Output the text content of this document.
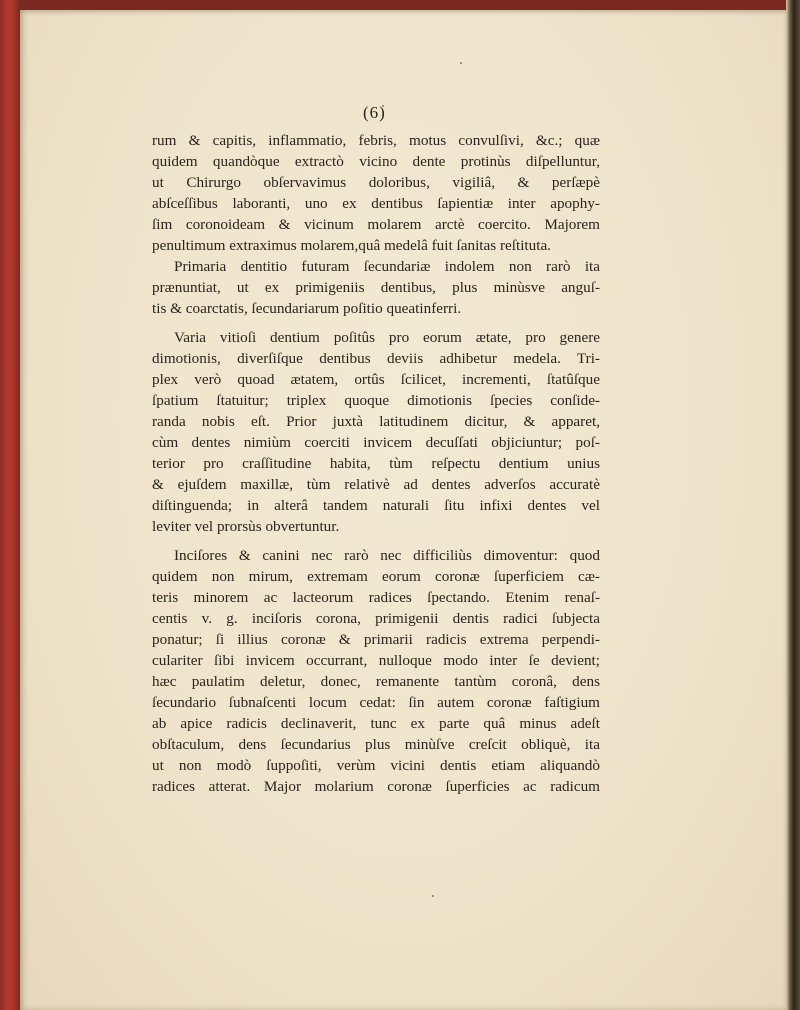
(6)
rum & capitis, inflammatio, febris, motus convulſivi, &c.; quæ
quidem quandòque extractò vicino dente protinùs diſpelluntur,
ut Chirurgo obſervavimus doloribus, vigiliâ, & perſæpè
abſceſſibus laboranti, uno ex dentibus ſapientiæ inter apophy-
ſim coronoideam & vicinum molarem arctè coercito. Majorem
penultimum extraximus molarem,quâ medelâ fuit ſanitas reſtituta.
Primaria dentitio futuram ſecundariæ indolem non rarò ita
prænuntiat, ut ex primigeniis dentibus, plus minùsve anguſ-
tis & coarctatis, ſecundariarum poſitio queatinferri.
Varia vitioſi dentium poſitûs pro eorum ætate, pro genere
dimotionis, diverſiſque dentibus deviis adhibetur medela. Tri-
plex verò quoad ætatem, ortûs ſcilicet, incrementi, ſtatûſque
ſpatium ſtatuitur; triplex quoque dimotionis ſpecies conſide-
randa nobis eſt. Prior juxtà latitudinem dicitur, & apparet,
cùm dentes nimiùm coerciti invicem decuſſati objiciuntur; poſ-
terior pro craſſitudine habita, tùm reſpectu dentium unius
& ejuſdem maxillæ, tùm relativè ad dentes adverſos accuratè
diſtinguenda; in alterâ tandem naturali ſitu infixi dentes vel
leviter vel prorsùs obvertuntur.
Inciſores & canini nec rarò nec difficiliùs dimoventur: quod
quidem non mirum, extremam eorum coronæ ſuperficiem cæ-
teris minorem ac lacteorum radices ſpectando. Etenim renaſ-
centis v. g. inciſoris corona, primigenii dentis radici ſubjecta
ponatur; ſi illius coronæ & primarii radicis extrema perpendi-
culariter ſibi invicem occurrant, nulloque modo inter ſe devient;
hæc paulatim deletur, donec, remanente tantùm coronâ, dens
ſecundario ſubnaſcenti locum cedat: ſin autem coronæ faſtigium
ab apice radicis declinaverit, tunc ex parte quâ minus adeſt
obſtaculum, dens ſecundarius plus minùſve creſcit obliquè, ita
ut non modò ſuppoſiti, verùm vicini dentis etiam aliquandò
radices atterat. Major molarium coronæ ſuperficies ac radicum
